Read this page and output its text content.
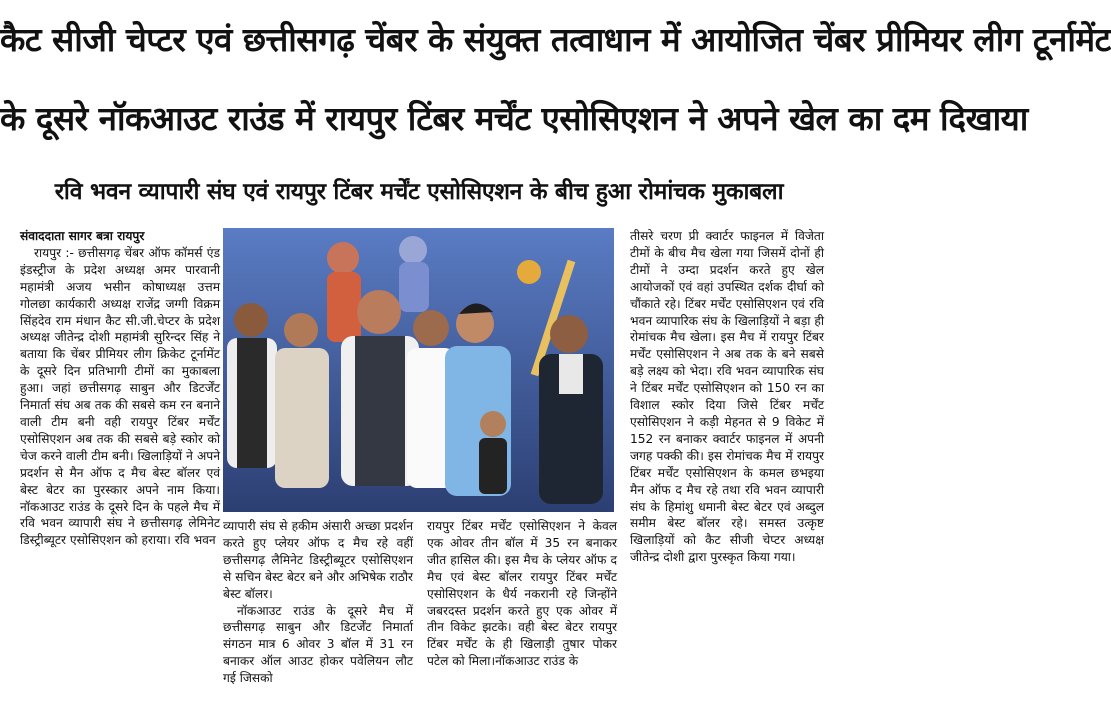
कैट सीजी चेप्टर एवं छत्तीसगढ़ चेंबर के संयुक्त तत्वाधान में आयोजित चेंबर प्रीमियर लीग टूर्नामेंट
के दूसरे नॉकआउट राउंड में रायपुर टिंबर मर्चेंट एसोसिएशन ने अपने खेल का दम दिखाया
रवि भवन व्यापारी संघ एवं रायपुर टिंबर मर्चेंट एसोसिएशन के बीच हुआ रोमांचक मुकाबला
संवाददाता सागर बत्रा रायपुर

रायपुर :- छत्तीसगढ़ चेंबर ऑफ कॉमर्स एंड इंडस्ट्रीज के प्रदेश अध्यक्ष अमर पारवानी महामंत्री अजय भसीन कोषाध्यक्ष उत्तम गोलछा कार्यकारी अध्यक्ष राजेंद्र जग्गी विक्रम सिंहदेव राम मंधान कैट सी.जी.चेप्टर के प्रदेश अध्यक्ष जीतेन्द्र दोशी महामंत्री सुरिन्दर सिंह ने बताया कि चेंबर प्रीमियर लीग क्रिकेट टूर्नामेंट के दूसरे दिन प्रतिभागी टीमों का मुकाबला हुआ। जहां छत्तीसगढ़ साबुन और डिटर्जेंट निमार्ता संघ अब तक की सबसे कम रन बनाने वाली टीम बनी वही रायपुर टिंबर मर्चेंट एसोसिएशन अब तक की सबसे बड़े स्कोर को चेज करने वाली टीम बनी। खिलाड़ियों ने अपने प्रदर्शन से मैन ऑफ द मैच बेस्ट बॉलर एवं बेस्ट बेटर का पुरस्कार अपने नाम किया। नॉकआउट राउंड के दूसरे दिन के पहले मैच में रवि भवन व्यापारी संघ ने छत्तीसगढ़ लेमिनेट डिस्ट्रीब्यूटर एसोसिएशन को हराया। रवि भवन

व्यापारी संघ से हकीम अंसारी अच्छा प्रदर्शन करते हुए प्लेयर ऑफ द मैच रहे वहीं छत्तीसगढ़ लैमिनेट डिस्ट्रीब्यूटर एसोसिएशन से सचिन बेस्ट बेटर बने और अभिषेक राठौर बेस्ट बॉलर।

नॉकआउट राउंड के दूसरे मैच में छत्तीसगढ़ साबुन और डिटर्जेंट निमार्ता संगठन मात्र 6 ओवर 3 बॉल में 31 रन बनाकर ऑल आउट होकर पवेलियन लौट गई जिसको

रायपुर टिंबर मर्चेंट एसोसिएशन ने केवल एक ओवर तीन बॉल में 35 रन बनाकर जीत हासिल की। इस मैच के प्लेयर ऑफ द मैच एवं बेस्ट बॉलर रायपुर टिंबर मर्चेंट एसोसिएशन के धैर्य नकरानी रहे जिन्होंने जबरदस्त प्रदर्शन करते हुए एक ओवर में तीन विकेट झटके। वही बेस्ट बेटर रायपुर टिंबर मर्चेंट के ही खिलाड़ी तुषार पोकर पटेल को मिला।नॉकआउट राउंड के

तीसरे चरण प्री क्वार्टर फाइनल में विजेता टीमों के बीच मैच खेला गया जिसमें दोनों ही टीमों ने उम्दा प्रदर्शन करते हुए खेल आयोजकों एवं वहां उपस्थित दर्शक दीर्घा को चौंकाते रहे। टिंबर मर्चेंट एसोसिएशन एवं रवि भवन व्यापारिक संघ के खिलाड़ियों ने बड़ा ही रोमांचक मैच खेला। इस मैच में रायपुर टिंबर मर्चेंट एसोसिएशन ने अब तक के बने सबसे बड़े लक्ष्य को भेदा। रवि भवन व्यापारिक संघ ने टिंबर मर्चेंट एसोसिएशन को 150 रन का विशाल स्कोर दिया जिसे टिंबर मर्चेंट एसोसिएशन ने कड़ी मेहनत से 9 विकेट में 152 रन बनाकर क्वार्टर फाइनल में अपनी जगह पक्की की। इस रोमांचक मैच में रायपुर टिंबर मर्चेंट एसोसिएशन के कमल छभइया मैन ऑफ द मैच रहे तथा रवि भवन व्यापारी संघ के हिमांशु धमानी बेस्ट बेटर एवं अब्दुल समीम बेस्ट बॉलर रहे। समस्त उत्कृष्ट खिलाड़ियों को कैट सीजी चेप्टर अध्यक्ष जीतेन्द्र दोशी द्वारा पुरस्कृत किया गया।
